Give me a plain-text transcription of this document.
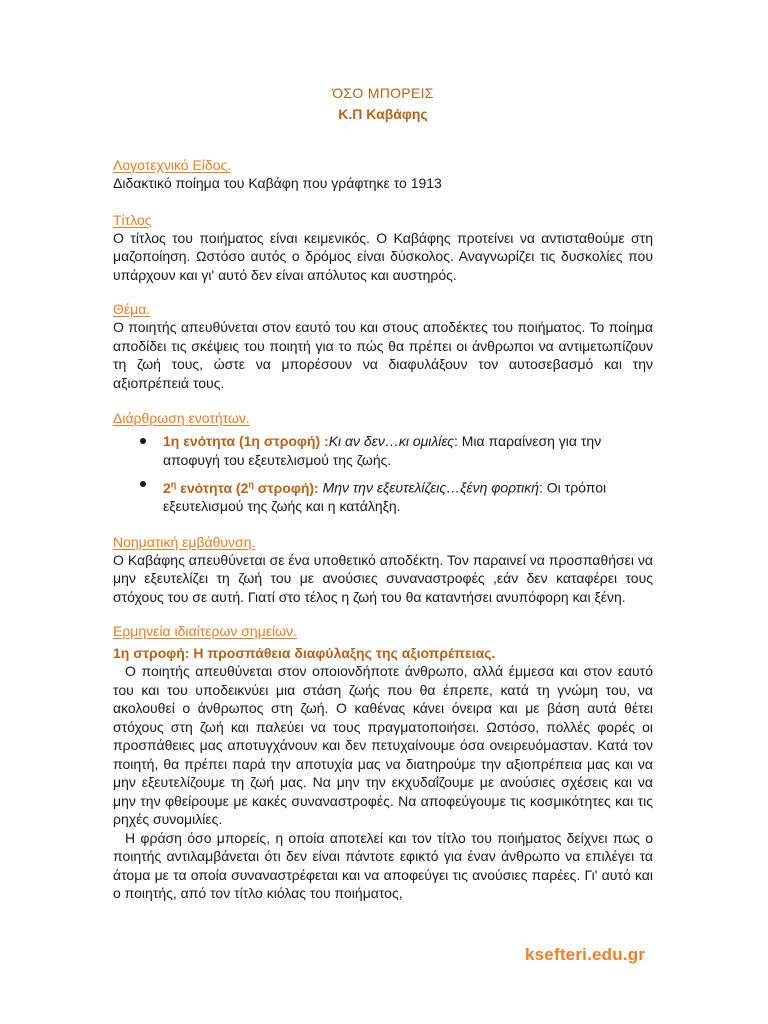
ΌΣΟ ΜΠΟΡΕΙΣ

Κ.Π Καβάφης

Λογοτεχνικό Είδος.

Διδακτικό ποίημα του Καβάφη που γράφτηκε το 1913

Τίτλος

Ο τίτλος του ποιήματος είναι κειμενικός. Ο Καβάφης προτείνει να αντισταθούμε στη μαζοποίηση. Ωστόσο αυτός ο δρόμος είναι δύσκολος. Αναγνωρίζει τις δυσκολίες που υπάρχουν και γι' αυτό δεν είναι απόλυτος και αυστηρός.

Θέμα.

Ο ποιητής απευθύνεται στον εαυτό του και στους αποδέκτες του ποιήματος. Το ποίημα αποδίδει τις σκέψεις του ποιητή για το πώς θα πρέπει οι άνθρωποι να αντιμετωπίζουν τη ζωή τους, ώστε να μπορέσουν να διαφυλάξουν τον αυτοσεβασμό και την αξιοπρέπειά τους.

Διάρθρωση ενοτήτων.

1η ενότητα (1η στροφή) :Κι αν δεν…κι ομιλίες: Μια παραίνεση για την αποφυγή του εξευτελισμού της ζωής.
$2^\eta$ ενότητα ($2^\eta$ στροφή): Μην την εξευτελίζεις…ξένη φορτική: Οι τρόποι εξευτελισμού της ζωής και η κατάληξη.

Νοηματική εμβάθυνση.

Ο Καβάφης απευθύνεται σε ένα υποθετικό αποδέκτη. Τον παραινεί να προσπαθήσει να μην εξευτελίζει τη ζωή του με ανούσιες συναναστροφές ,εάν δεν καταφέρει τους στόχους του σε αυτή. Γιατί στο τέλος η ζωή του θα καταντήσει ανυπόφορη και ξένη.

Ερμηνεία ιδιαίτερων σημείων.

1η στροφή: Η προσπάθεια διαφύλαξης της αξιοπρέπειας.

Ο ποιητής απευθύνεται στον οποιονδήποτε άνθρωπο, αλλά έμμεσα και στον εαυτό του και του υποδεικνύει μια στάση ζωής που θα έπρεπε, κατά τη γνώμη του, να ακολουθεί ο άνθρωπος στη ζωή. Ο καθένας κάνει όνειρα και με βάση αυτά θέτει στόχους στη ζωή και παλεύει να τους πραγματοποιήσει. Ωστόσο, πολλές φορές οι προσπάθειες μας αποτυγχάνουν και δεν πετυχαίνουμε όσα ονειρευόμασταν. Κατά τον ποιητή, θα πρέπει παρά την αποτυχία μας να διατηρούμε την αξιοπρέπεια μας και να μην εξευτελίζουμε τη ζωή μας. Να μην την εκχυδαΐζουμε με ανούσιες σχέσεις και να μην την φθείρουμε με κακές συναναστροφές. Να αποφεύγουμε τις κοσμικότητες και τις ρηχές συνομιλίες.

Η φράση όσο μπορείς, η οποία αποτελεί και τον τίτλο του ποιήματος δείχνει πως ο ποιητής αντιλαμβάνεται ότι δεν είναι πάντοτε εφικτό για έναν άνθρωπο να επιλέγει τα άτομα με τα οποία συναναστρέφεται και να αποφεύγει τις ανούσιες παρέες. Γι' αυτό και ο ποιητής, από τον τίτλο κιόλας του ποιήματος,

ksefteri.edu.gr
